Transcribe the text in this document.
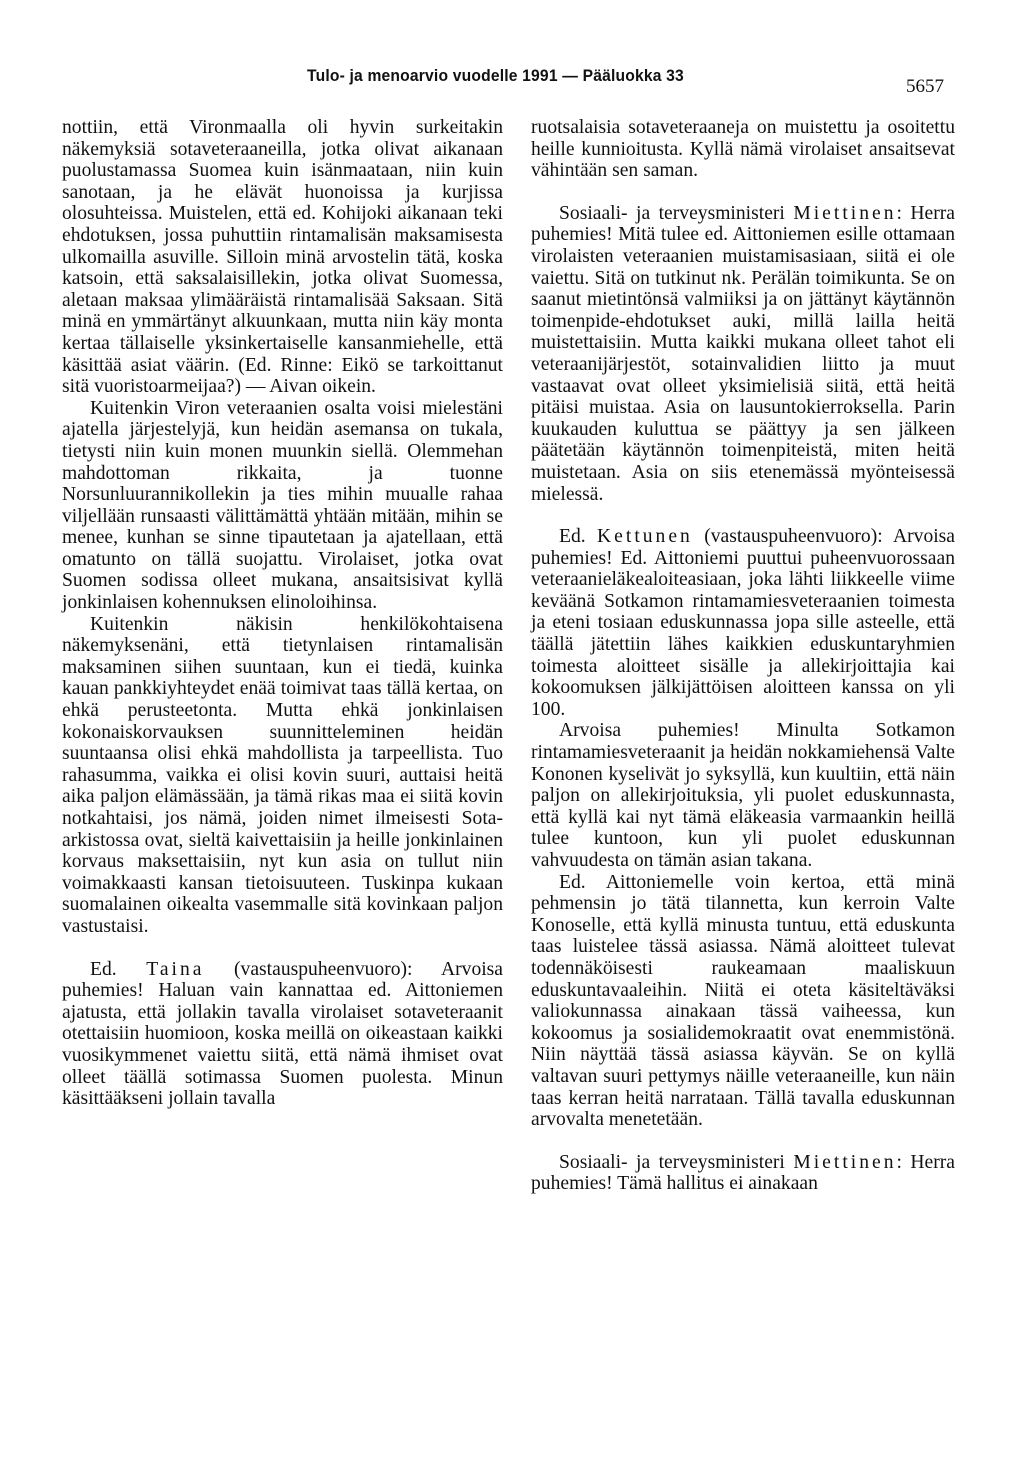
Tulo- ja menoarvio vuodelle 1991 — Pääluokka 33
5657

nottiin, että Vironmaalla oli hyvin surkeitakin näkemyksiä sotaveteraaneilla, jotka olivat aikanaan puolustamassa Suomea kuin isänmaataan, niin kuin sanotaan, ja he elävät huonoissa ja kurjissa olosuhteissa. Muistelen, että ed. Kohijoki aikanaan teki ehdotuksen, jossa puhuttiin rintamalisän maksamisesta ulkomailla asuville. Silloin minä arvostelin tätä, koska katsoin, että saksalaisillekin, jotka olivat Suomessa, aletaan maksaa ylimääräistä rintamalisää Saksaan. Sitä minä en ymmärtänyt alkuunkaan, mutta niin käy monta kertaa tällaiselle yksinkertaiselle kansanmiehelle, että käsittää asiat väärin. (Ed. Rinne: Eikö se tarkoittanut sitä vuoristoarmeijaa?) — Aivan oikein.

Kuitenkin Viron veteraanien osalta voisi mielestäni ajatella järjestelyjä, kun heidän asemansa on tukala, tietysti niin kuin monen muunkin siellä. Olemmehan mahdottoman rikkaita, ja tuonne Norsunluurannikollekin ja ties mihin muualle rahaa viljellään runsaasti välittämättä yhtään mitään, mihin se menee, kunhan se sinne tipautetaan ja ajatellaan, että omatunto on tällä suojattu. Virolaiset, jotka ovat Suomen sodissa olleet mukana, ansaitsisivat kyllä jonkinlaisen kohennuksen elinoloihinsa.

Kuitenkin näkisin henkilökohtaisena näkemyksenäni, että tietynlaisen rintamalisän maksaminen siihen suuntaan, kun ei tiedä, kuinka kauan pankkiyhteydet enää toimivat taas tällä kertaa, on ehkä perusteetonta. Mutta ehkä jonkinlaisen kokonaiskorvauksen suunnitteleminen heidän suuntaansa olisi ehkä mahdollista ja tarpeellista. Tuo rahasumma, vaikka ei olisi kovin suuri, auttaisi heitä aika paljon elämässään, ja tämä rikas maa ei siitä kovin notkahtaisi, jos nämä, joiden nimet ilmeisesti Sota-arkistossa ovat, sieltä kaivettaisiin ja heille jonkinlainen korvaus maksettaisiin, nyt kun asia on tullut niin voimakkaasti kansan tietoisuuteen. Tuskinpa kukaan suomalainen oikealta vasemmalle sitä kovinkaan paljon vastustaisi.

Ed. Taina (vastauspuheenvuoro): Arvoisa puhemies! Haluan vain kannattaa ed. Aittoniemen ajatusta, että jollakin tavalla virolaiset sotaveteraanit otettaisiin huomioon, koska meillä on oikeastaan kaikki vuosikymmenet vaiettu siitä, että nämä ihmiset ovat olleet täällä sotimassa Suomen puolesta. Minun käsittääkseni jollain tavalla

ruotsalaisia sotaveteraaneja on muistettu ja osoitettu heille kunnioitusta. Kyllä nämä virolaiset ansaitsevat vähintään sen saman.

Sosiaali- ja terveysministeri Miettinen: Herra puhemies! Mitä tulee ed. Aittoniemen esille ottamaan virolaisten veteraanien muistamisasiaan, siitä ei ole vaiettu. Sitä on tutkinut nk. Perälän toimikunta. Se on saanut mietintönsä valmiiksi ja on jättänyt käytännön toimenpide-ehdotukset auki, millä lailla heitä muistettaisiin. Mutta kaikki mukana olleet tahot eli veteraanijärjestöt, sotainvalidien liitto ja muut vastaavat ovat olleet yksimielisiä siitä, että heitä pitäisi muistaa. Asia on lausuntokierroksella. Parin kuukauden kuluttua se päättyy ja sen jälkeen päätetään käytännön toimenpiteistä, miten heitä muistetaan. Asia on siis etenemässä myönteisessä mielessä.

Ed. Kettunen (vastauspuheenvuoro): Arvoisa puhemies! Ed. Aittoniemi puuttui puheenvuorossaan veteraanieläkealoiteasiaan, joka lähti liikkeelle viime keväänä Sotkamon rintamamiesveteraanien toimesta ja eteni tosiaan eduskunnassa jopa sille asteelle, että täällä jätettiin lähes kaikkien eduskuntaryhmien toimesta aloitteet sisälle ja allekirjoittajia kai kokoomuksen jälkijättöisen aloitteen kanssa on yli 100.

Arvoisa puhemies! Minulta Sotkamon rintamamiesveteraanit ja heidän nokkamiehensä Valte Kononen kyselivät jo syksyllä, kun kuultiin, että näin paljon on allekirjoituksia, yli puolet eduskunnasta, että kyllä kai nyt tämä eläkeasia varmaankin heillä tulee kuntoon, kun yli puolet eduskunnan vahvuudesta on tämän asian takana.

Ed. Aittoniemelle voin kertoa, että minä pehmensin jo tätä tilannetta, kun kerroin Valte Konoselle, että kyllä minusta tuntuu, että eduskunta taas luistelee tässä asiassa. Nämä aloitteet tulevat todennäköisesti raukeamaan maaliskuun eduskuntavaaleihin. Niitä ei oteta käsiteltäväksi valiokunnassa ainakaan tässä vaiheessa, kun kokoomus ja sosialidemokraatit ovat enemmistönä. Niin näyttää tässä asiassa käyvän. Se on kyllä valtavan suuri pettymys näille veteraaneille, kun näin taas kerran heitä narrataan. Tällä tavalla eduskunnan arvovalta menetetään.

Sosiaali- ja terveysministeri Miettinen: Herra puhemies! Tämä hallitus ei ainakaan
